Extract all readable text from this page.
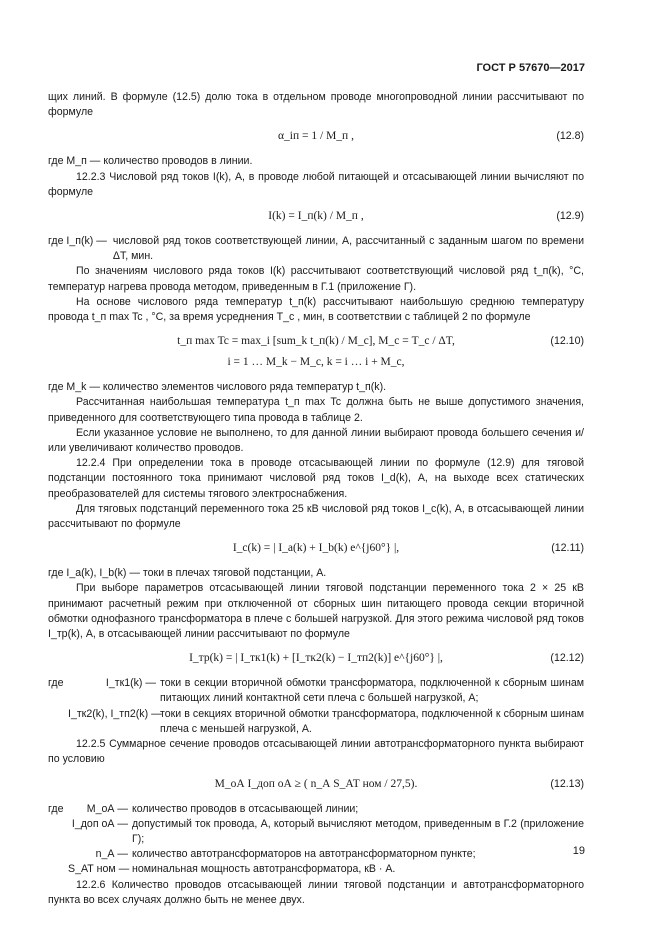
ГОСТ Р 57670—2017

щих линий. В формуле (12.5) долю тока в отдельном проводе многопроводной линии рассчитывают по формуле

α_іп = 1 / M_п ,	(12.8)

где M_п — количество проводов в линии.

12.2.3 Числовой ряд токов I(k), А, в проводе любой питающей и отсасывающей линии вычисляют по формуле

I(k) = I_п(k) / M_п ,	(12.9)
где I_п(k) — числовой ряд токов соответствующей линии, А, рассчитанный с заданным шагом по времени ΔT, мин.

По значениям числового ряда токов I(k) рассчитывают соответствующий числовой ряд t_п(k), °С, температур нагрева провода методом, приведенным в Г.1 (приложение Г).

На основе числового ряда температур t_п(k) рассчитывают наибольшую среднюю температуру провода t_п max Tc , °С, за время усреднения T_с , мин, в соответствии с таблицей 2 по формуле

t_п max Tc = max_i [sum_k t_п(k) / M_с], M_с = T_с / ΔT,	(12.10)
i = 1 … M_k − M_c, k = i … i + M_c,

где M_k — количество элементов числового ряда температур t_п(k).

Рассчитанная наибольшая температура t_п max Tc должна быть не выше допустимого значения, приведенного для соответствующего типа провода в таблице 2.

Если указанное условие не выполнено, то для данной линии выбирают провода большего сечения и/или увеличивают количество проводов.

12.2.4 При определении тока в проводе отсасывающей линии по формуле (12.9) для тяговой подстанции постоянного тока принимают числовой ряд токов I_d(k), А, на выходе всех статических преобразователей для системы тягового электроснабжения.

Для тяговых подстанций переменного тока 25 кВ числовой ряд токов I_c(k), А, в отсасывающей линии рассчитывают по формуле

I_c(k) = | I_a(k) + I_b(k) e^{j60°} |,	(12.11)

где I_a(k), I_b(k) — токи в плечах тяговой подстанции, А.

При выборе параметров отсасывающей линии тяговой подстанции переменного тока 2 × 25 кВ принимают расчетный режим при отключенной от сборных шин питающего провода секции вторичной обмотки однофазного трансформатора в плече с большей нагрузкой. Для этого режима числовой ряд токов I_тр(k), А, в отсасывающей линии рассчитывают по формуле

I_тр(k) = | I_тк1(k) + [I_тк2(k) − I_тп2(k)] e^{j60°} |,	(12.12)
где	I_тк1(k) — токи в секции вторичной обмотки трансформатора, подключенной к сборным шинам питающих линий контактной сети плеча с большей нагрузкой, А;
I_тк2(k), I_тп2(k) —
токи в секциях вторичной обмотки трансформатора, подключенной к сборным шинам плеча с меньшей нагрузкой, А.

12.2.5 Суммарное сечение проводов отсасывающей линии автотрансформаторного пункта выбирают по условию

M_оА I_доп оА ≥ ( n_А S_АТ ном / 27,5).	(12.13)
где	M_оА — количество проводов в отсасывающей линии;
I_доп оА — допустимый ток провода, А, который вычисляют методом, приведенным в Г.2 (приложение Г);
n_А — количество автотрансформаторов на автотрансформаторном пункте;
S_АТ ном — номинальная мощность автотрансформатора, кВ · А.

12.2.6 Количество проводов отсасывающей линии тяговой подстанции и автотрансформаторного пункта во всех случаях должно быть не менее двух.

19
